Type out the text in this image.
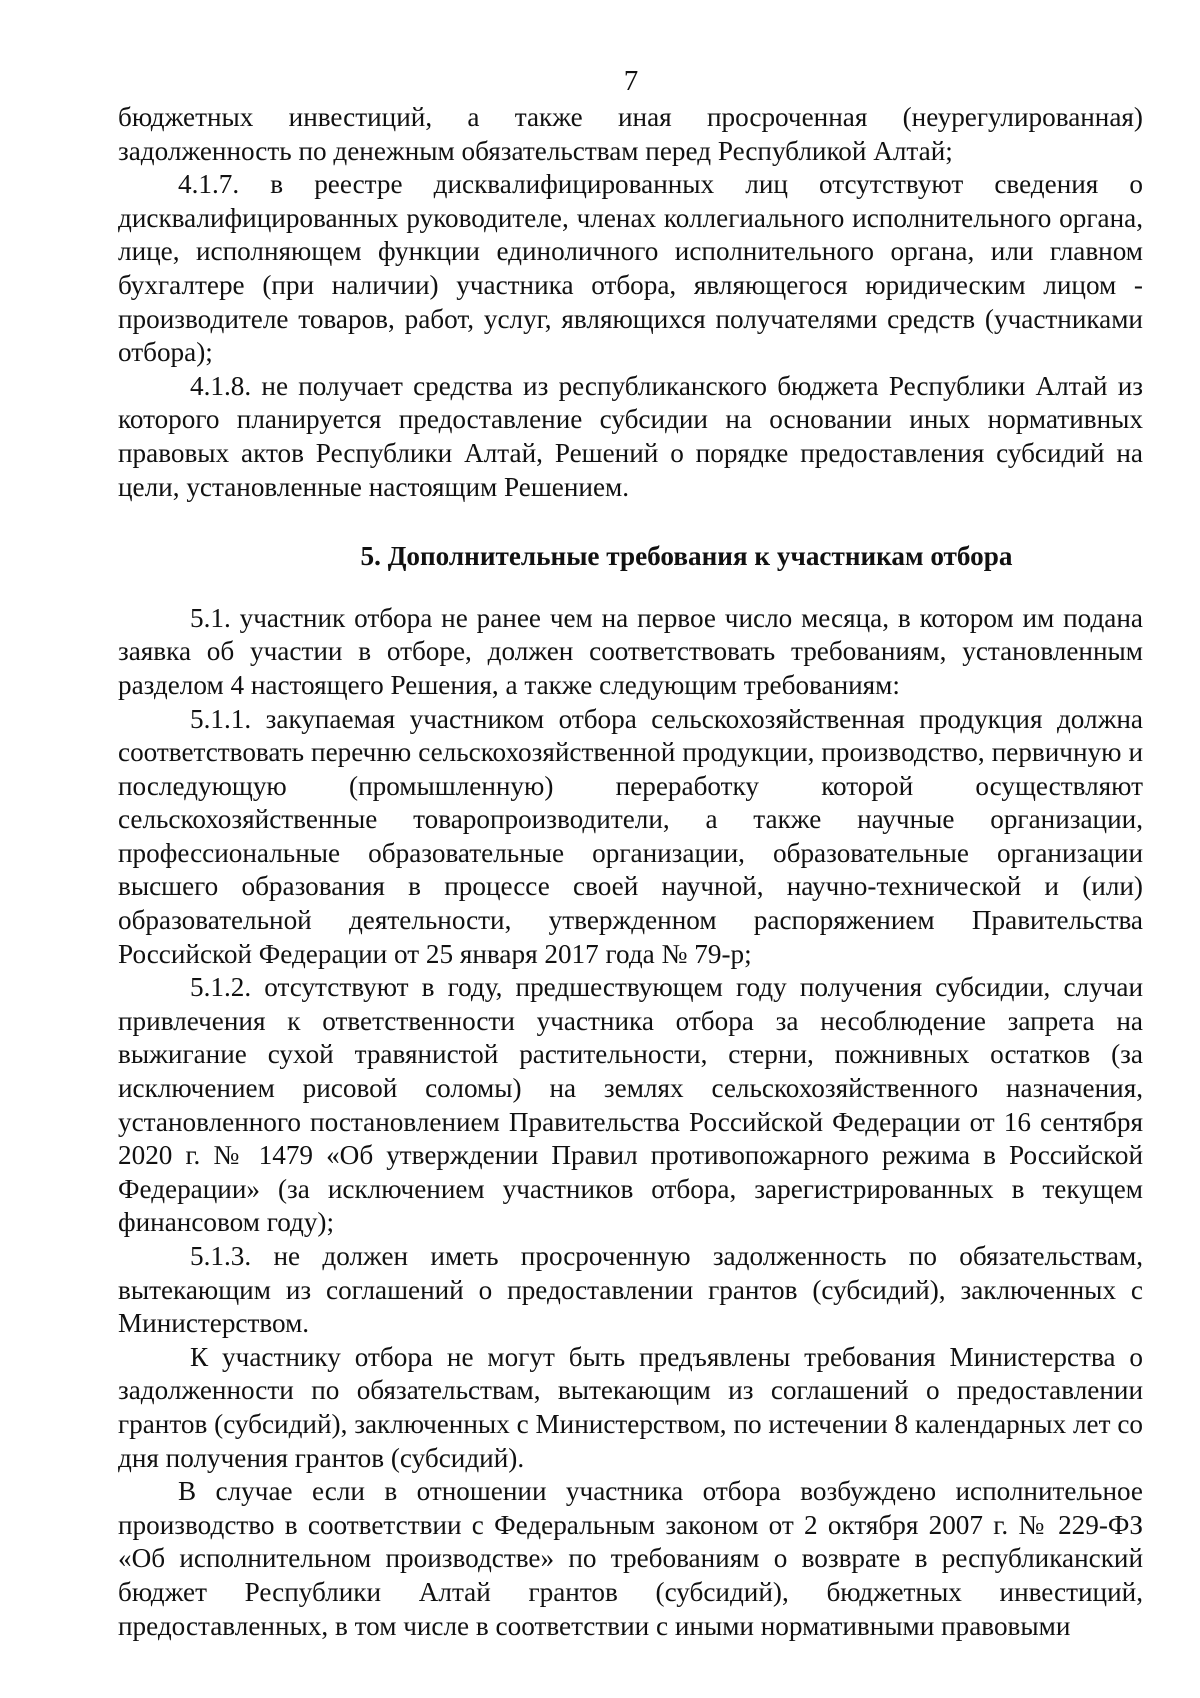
7

бюджетных инвестиций, а также иная просроченная (неурегулированная) задолженность по денежным обязательствам перед Республикой Алтай;

4.1.7. в реестре дисквалифицированных лиц отсутствуют сведения о дисквалифицированных руководителе, членах коллегиального исполнительного органа, лице, исполняющем функции единоличного исполнительного органа, или главном бухгалтере (при наличии) участника отбора, являющегося юридическим лицом - производителе товаров, работ, услуг, являющихся получателями средств (участниками отбора);

4.1.8. не получает средства из республиканского бюджета Республики Алтай из которого планируется предоставление субсидии на основании иных нормативных правовых актов Республики Алтай, Решений о порядке предоставления субсидий на цели, установленные настоящим Решением.

5. Дополнительные требования к участникам отбора

5.1. участник отбора не ранее чем на первое число месяца, в котором им подана заявка об участии в отборе, должен соответствовать требованиям, установленным разделом 4 настоящего Решения, а также следующим требованиям:

5.1.1. закупаемая участником отбора сельскохозяйственная продукция должна соответствовать перечню сельскохозяйственной продукции, производство, первичную и последующую (промышленную) переработку которой осуществляют сельскохозяйственные товаропроизводители, а также научные организации, профессиональные образовательные организации, образовательные организации высшего образования в процессе своей научной, научно-технической и (или) образовательной деятельности, утвержденном распоряжением Правительства Российской Федерации от 25 января 2017 года № 79-р;

5.1.2. отсутствуют в году, предшествующем году получения субсидии, случаи привлечения к ответственности участника отбора за несоблюдение запрета на выжигание сухой травянистой растительности, стерни, пожнивных остатков (за исключением рисовой соломы) на землях сельскохозяйственного назначения, установленного постановлением Правительства Российской Федерации от 16 сентября 2020 г. № 1479 «Об утверждении Правил противопожарного режима в Российской Федерации» (за исключением участников отбора, зарегистрированных в текущем финансовом году);

5.1.3. не должен иметь просроченную задолженность по обязательствам, вытекающим из соглашений о предоставлении грантов (субсидий), заключенных с Министерством.

К участнику отбора не могут быть предъявлены требования Министерства о задолженности по обязательствам, вытекающим из соглашений о предоставлении грантов (субсидий), заключенных с Министерством, по истечении 8 календарных лет со дня получения грантов (субсидий).

В случае если в отношении участника отбора возбуждено исполнительное производство в соответствии с Федеральным законом от 2 октября 2007 г. № 229-ФЗ «Об исполнительном производстве» по требованиям о возврате в республиканский бюджет Республики Алтай грантов (субсидий), бюджетных инвестиций, предоставленных, в том числе в соответствии с иными нормативными правовыми
